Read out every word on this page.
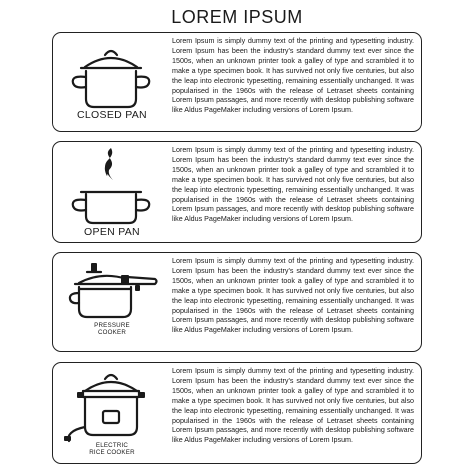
LOREM IPSUM
CLOSED PAN

Lorem Ipsum is simply dummy text of the printing and typesetting industry. Lorem Ipsum has been the industry's standard dummy text ever since the 1500s, when an unknown printer took a galley of type and scrambled it to make a type specimen book. It has survived not only five centuries, but also the leap into electronic typesetting, remaining essentially unchanged. It was popularised in the 1960s with the release of Letraset sheets containing Lorem Ipsum passages, and more recently with desktop publishing software like Aldus PageMaker including versions of Lorem Ipsum.

OPEN PAN

Lorem Ipsum is simply dummy text of the printing and typesetting industry. Lorem Ipsum has been the industry's standard dummy text ever since the 1500s, when an unknown printer took a galley of type and scrambled it to make a type specimen book. It has survived not only five centuries, but also the leap into electronic typesetting, remaining essentially unchanged. It was popularised in the 1960s with the release of Letraset sheets containing Lorem Ipsum passages, and more recently with desktop publishing software like Aldus PageMaker including versions of Lorem Ipsum.

PRESSURE
COOKER

Lorem Ipsum is simply dummy text of the printing and typesetting industry. Lorem Ipsum has been the industry's standard dummy text ever since the 1500s, when an unknown printer took a galley of type and scrambled it to make a type specimen book. It has survived not only five centuries, but also the leap into electronic typesetting, remaining essentially unchanged. It was popularised in the 1960s with the release of Letraset sheets containing Lorem Ipsum passages, and more recently with desktop publishing software like Aldus PageMaker including versions of Lorem Ipsum.

ELECTRIC
RICE COOKER

Lorem Ipsum is simply dummy text of the printing and typesetting industry. Lorem Ipsum has been the industry's standard dummy text ever since the 1500s, when an unknown printer took a galley of type and scrambled it to make a type specimen book. It has survived not only five centuries, but also the leap into electronic typesetting, remaining essentially unchanged. It was popularised in the 1960s with the release of Letraset sheets containing Lorem Ipsum passages, and more recently with desktop publishing software like Aldus PageMaker including versions of Lorem Ipsum.
